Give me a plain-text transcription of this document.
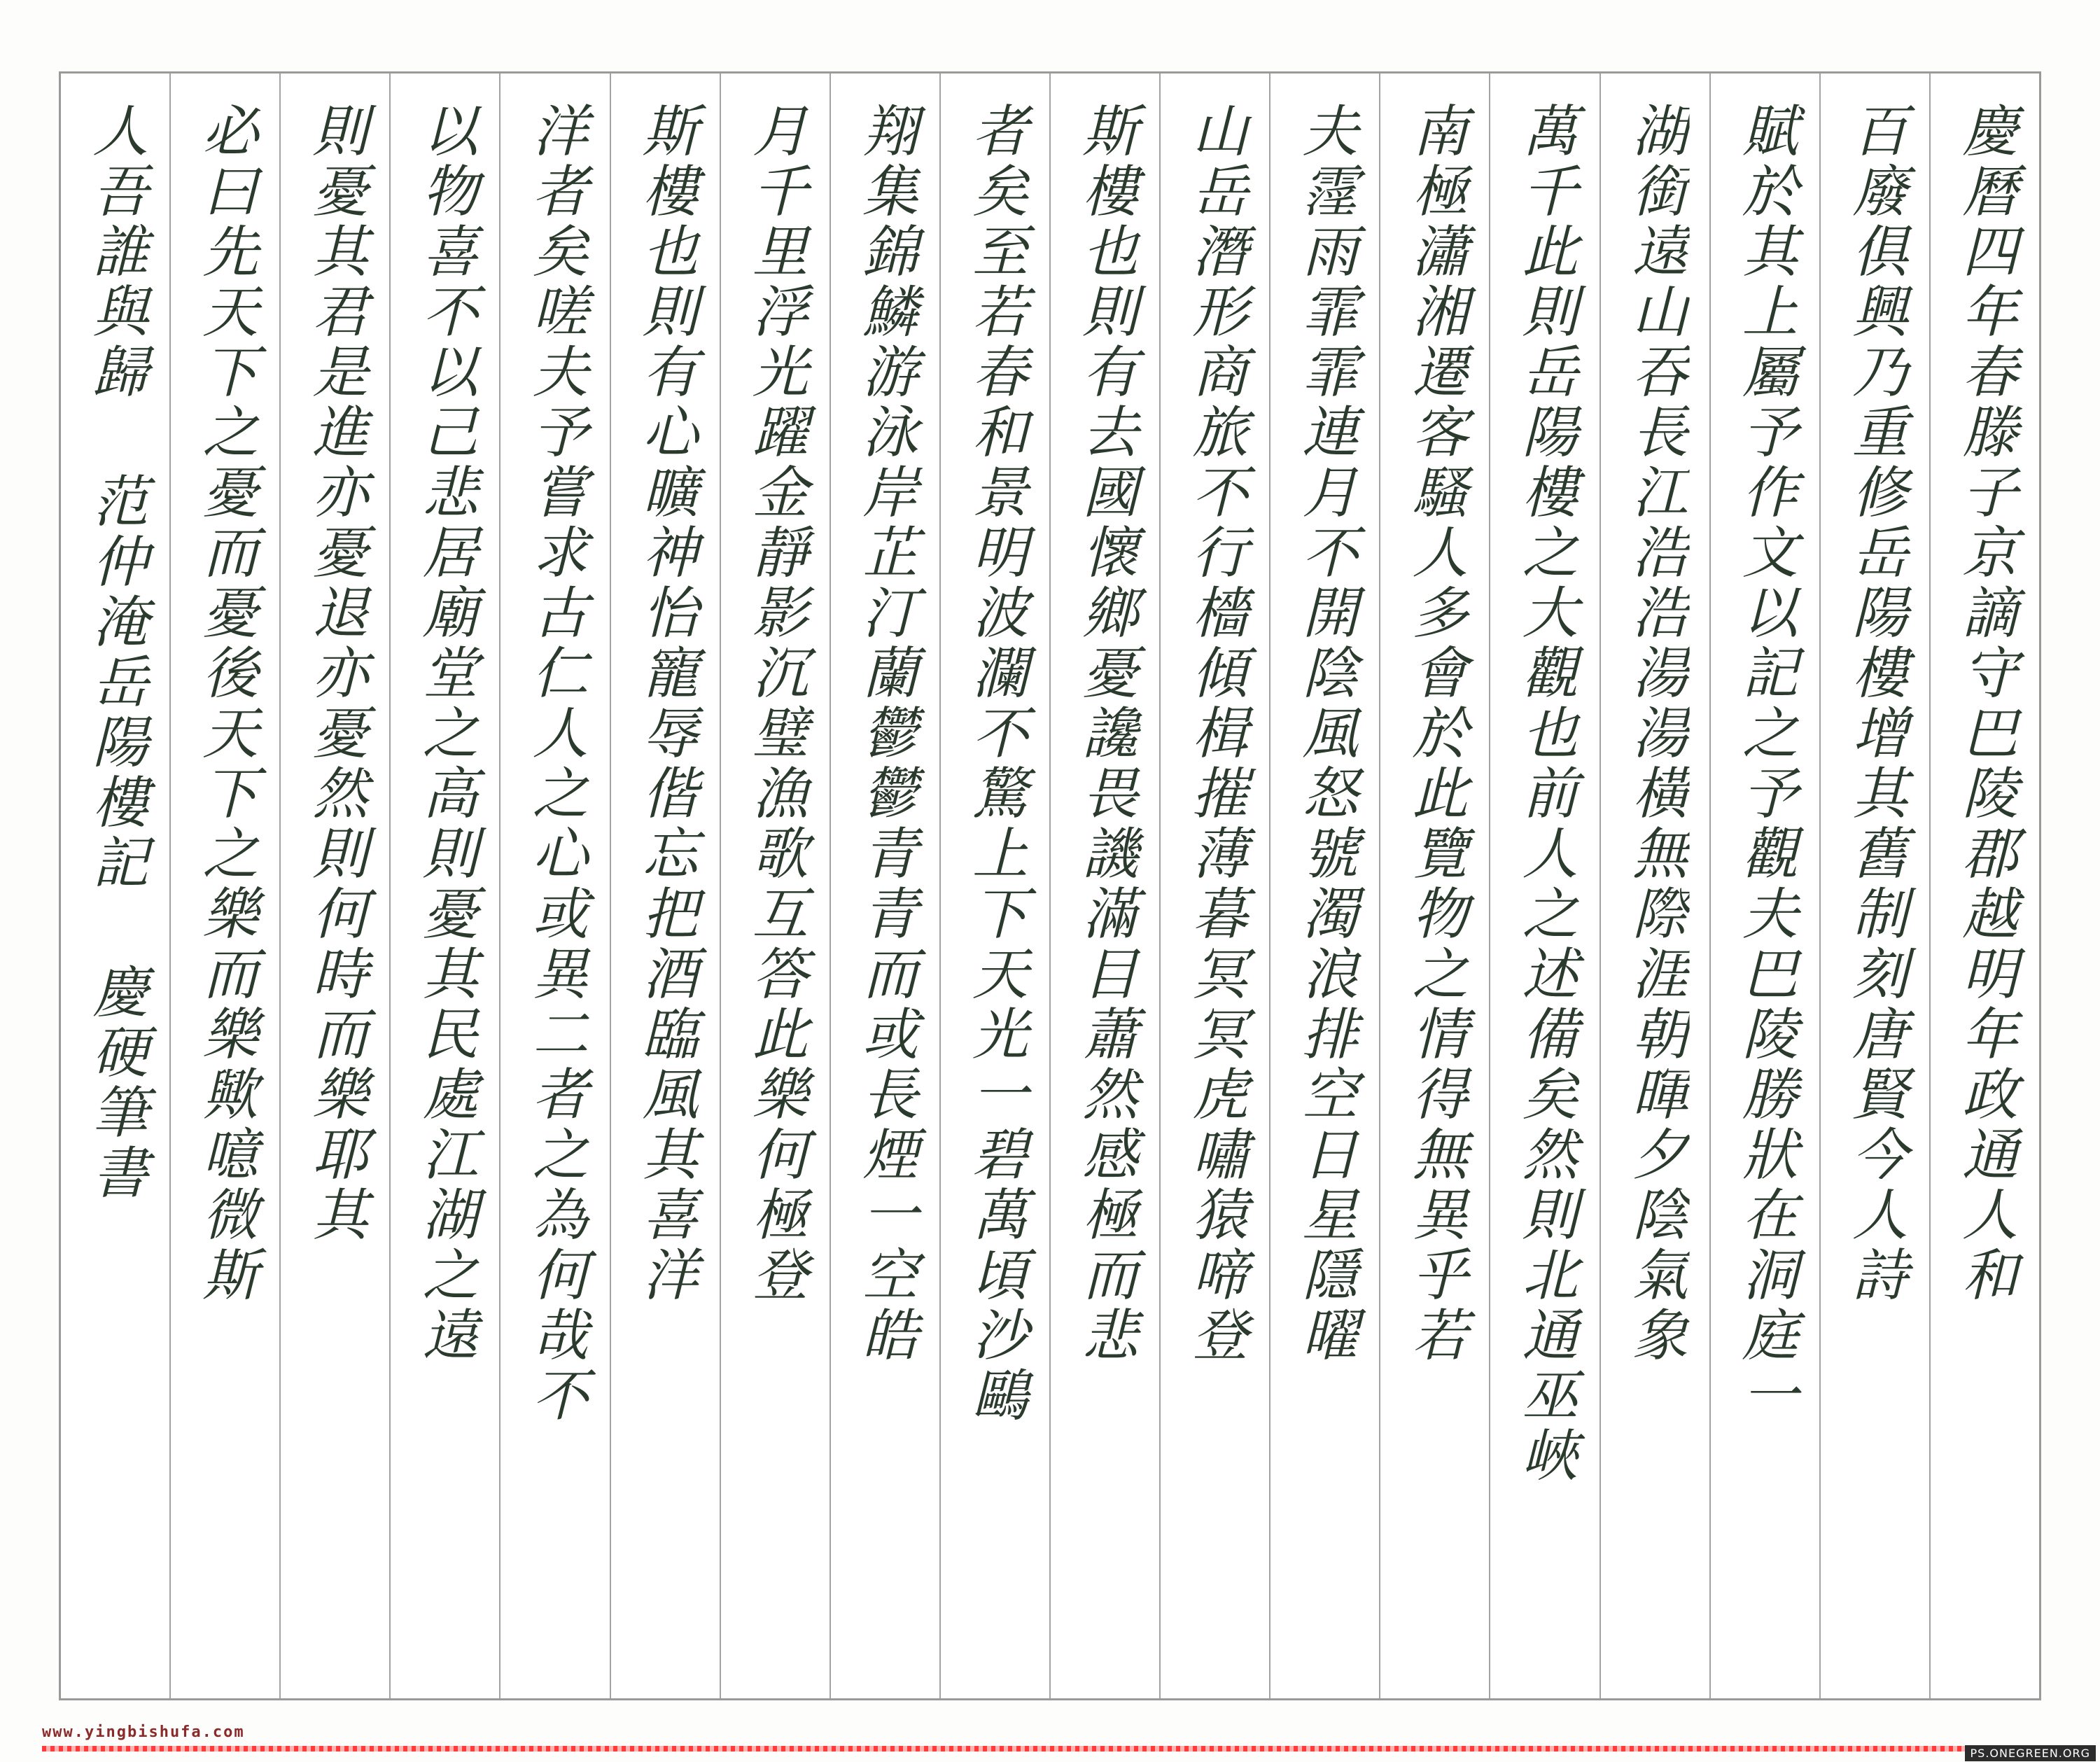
慶曆四年春滕子京謫守巴陵郡越明年政通人和
百廢俱興乃重修岳陽樓增其舊制刻唐賢今人詩
賦於其上屬予作文以記之予觀夫巴陵勝狀在洞庭一
湖銜遠山吞長江浩浩湯湯橫無際涯朝暉夕陰氣象
萬千此則岳陽樓之大觀也前人之述備矣然則北通巫峽
南極瀟湘遷客騷人多會於此覽物之情得無異乎若
夫霪雨霏霏連月不開陰風怒號濁浪排空日星隱曜
山岳潛形商旅不行檣傾楫摧薄暮冥冥虎嘯猿啼登
斯樓也則有去國懷鄉憂讒畏譏滿目蕭然感極而悲
者矣至若春和景明波瀾不驚上下天光一碧萬頃沙鷗
翔集錦鱗游泳岸芷汀蘭鬱鬱青青而或長煙一空皓
月千里浮光躍金靜影沉璧漁歌互答此樂何極登
斯樓也則有心曠神怡寵辱偕忘把酒臨風其喜洋
洋者矣嗟夫予嘗求古仁人之心或異二者之為何哉不
以物喜不以己悲居廟堂之高則憂其民處江湖之遠
則憂其君是進亦憂退亦憂然則何時而樂耶其
必曰先天下之憂而憂後天下之樂而樂歟噫微斯
人吾誰與歸 范仲淹岳陽樓記 慶硬筆書
www.yingbishufa.com
PS.ONEGREEN.ORG
